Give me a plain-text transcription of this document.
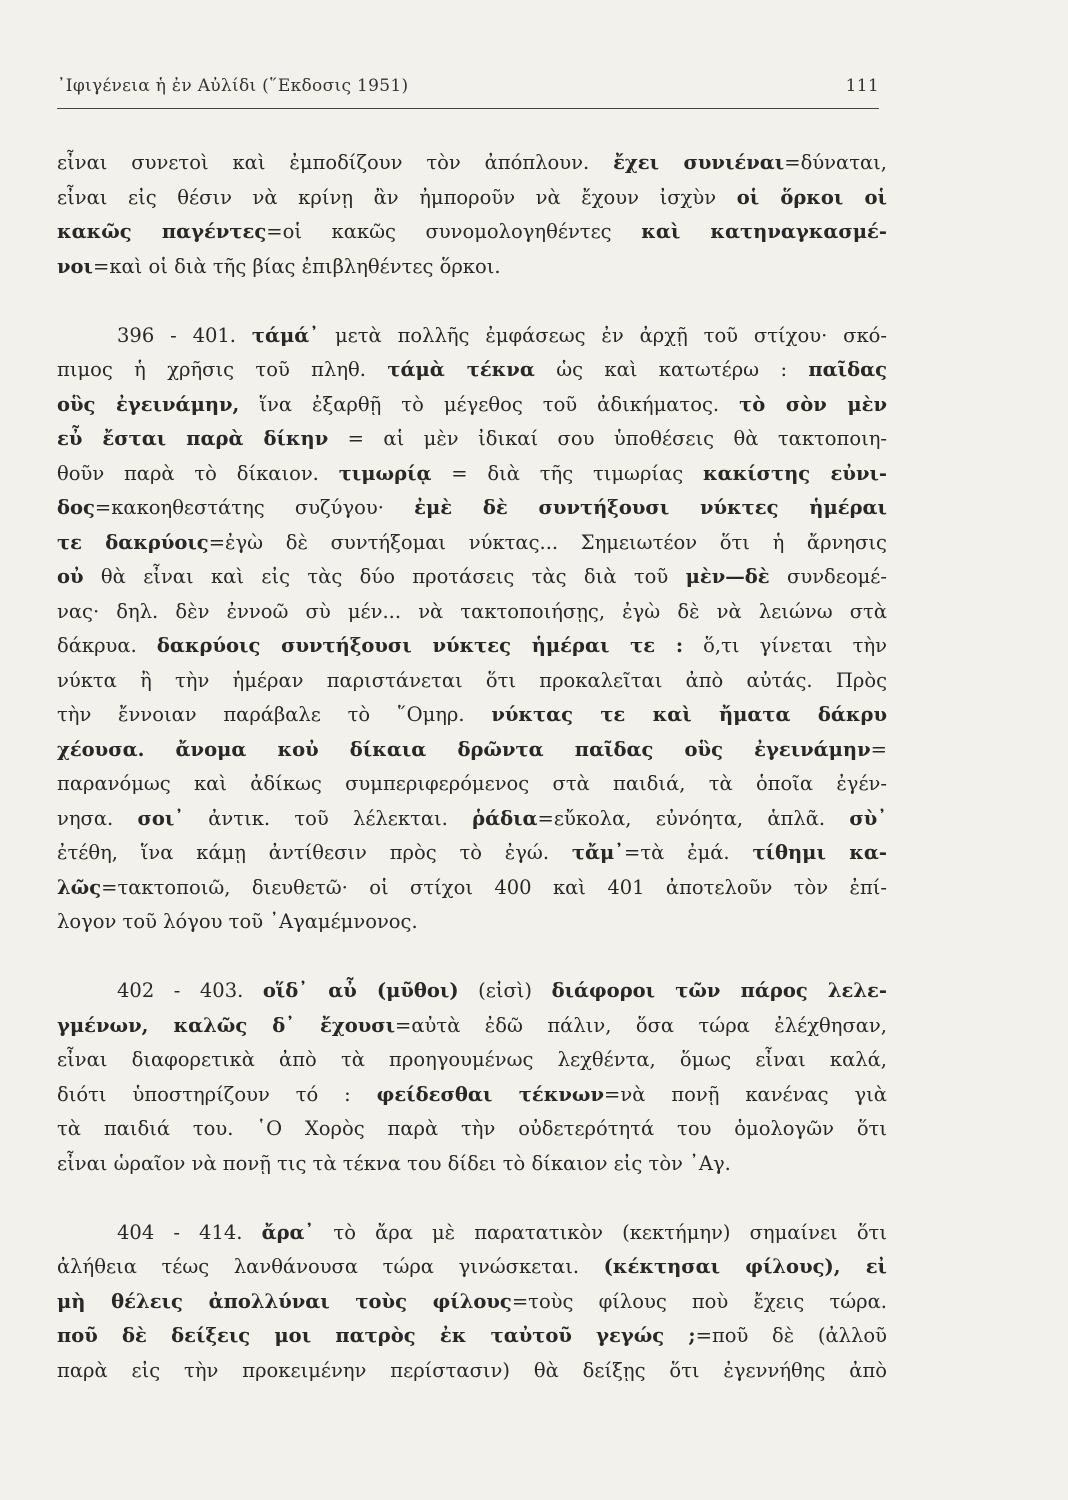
᾿Ιφιγένεια ἡ ἐν Αὐλίδι (῞Εκδοσις 1951)	111
εἶναι συνετοὶ καὶ ἐμποδίζουν τὸν ἀπόπλουν. ἔχει συνιέναι=δύναται,
εἶναι εἰς θέσιν νὰ κρίνῃ ἂν ἠμποροῦν νὰ ἔχουν ἰσχὺν οἱ ὅρκοι οἱ
κακῶς παγέντες=οἱ κακῶς συνομολογηθέντες καὶ κατηναγκασμέ-
νοι=καὶ οἱ διὰ τῆς βίας ἐπιβληθέντες ὅρκοι.
396 - 401. τάμά᾿ μετὰ πολλῆς ἐμφάσεως ἐν ἀρχῇ τοῦ στίχου· σκό-
πιμος ἡ χρῆσις τοῦ πληθ. τάμὰ τέκνα ὡς καὶ κατωτέρω : παῖδας
οὓς ἐγεινάμην, ἵνα ἐξαρθῇ τὸ μέγεθος τοῦ ἀδικήματος. τὸ σὸν μὲν
εὖ ἔσται παρὰ δίκην = αἱ μὲν ἰδικαί σου ὑποθέσεις θὰ τακτοποιη-
θοῦν παρὰ τὸ δίκαιον. τιμωρίᾳ = διὰ τῆς τιμωρίας κακίστης εὐνι-
δος=κακοηθεστάτης συζύγου· ἐμὲ δὲ συντήξουσι νύκτες ἡμέραι
τε δακρύοις=ἐγὼ δὲ συντήξομαι νύκτας... Σημειωτέον ὅτι ἡ ἄρνησις
οὐ θὰ εἶναι καὶ εἰς τὰς δύο προτάσεις τὰς διὰ τοῦ μὲν—δὲ συνδεομέ-
νας· δηλ. δὲν ἐννοῶ σὺ μέν... νὰ τακτοποιήσῃς, ἐγὼ δὲ νὰ λειώνω στὰ
δάκρυα. δακρύοις συντήξουσι νύκτες ἡμέραι τε : ὅ,τι γίνεται τὴν
νύκτα ἢ τὴν ἡμέραν παριστάνεται ὅτι προκαλεῖται ἀπὸ αὐτάς. Πρὸς
τὴν ἔννοιαν παράβαλε τὸ ῞Ομηρ. νύκτας τε καὶ ἤματα δάκρυ
χέουσα. ἄνομα κοὐ δίκαια δρῶντα παῖδας οὓς ἐγεινάμην=
παρανόμως καὶ ἀδίκως συμπεριφερόμενος στὰ παιδιά, τὰ ὁποῖα ἐγέν-
νησα. σοι᾿ ἀντικ. τοῦ λέλεκται. ῥάδια=εὔκολα, εὐνόητα, ἁπλᾶ. σὺ᾿
ἐτέθη, ἵνα κάμῃ ἀντίθεσιν πρὸς τὸ ἐγώ. τἄμ᾿=τὰ ἐμά. τίθημι κα-
λῶς=τακτοποιῶ, διευθετῶ· οἱ στίχοι 400 καὶ 401 ἀποτελοῦν τὸν ἐπί-
λογον τοῦ λόγου τοῦ ᾿Αγαμέμνονος.
402 - 403. οἵδ᾿ αὖ (μῦθοι) (εἰσὶ) διάφοροι τῶν πάρος λελε-
γμένων, καλῶς δ᾿ ἔχουσι=αὐτὰ ἐδῶ πάλιν, ὅσα τώρα ἐλέχθησαν,
εἶναι διαφορετικὰ ἀπὸ τὰ προηγουμένως λεχθέντα, ὅμως εἶναι καλά,
διότι ὑποστηρίζουν τό : φείδεσθαι τέκνων=νὰ πονῇ κανένας γιὰ
τὰ παιδιά του. ῾Ο Χορὸς παρὰ τὴν οὐδετερότητά του ὁμολογῶν ὅτι
εἶναι ὡραῖον νὰ πονῇ τις τὰ τέκνα του δίδει τὸ δίκαιον εἰς τὸν ᾿Αγ.
404 - 414. ἄρα᾿ τὸ ἄρα μὲ παρατατικὸν (κεκτήμην) σημαίνει ὅτι
ἀλήθεια τέως λανθάνουσα τώρα γινώσκεται. (κέκτησαι φίλους), εἰ
μὴ θέλεις ἀπολλύναι τοὺς φίλους=τοὺς φίλους ποὺ ἔχεις τώρα.
ποῦ δὲ δείξεις μοι πατρὸς ἐκ ταὐτοῦ γεγώς ;=ποῦ δὲ (ἀλλοῦ
παρὰ εἰς τὴν προκειμένην περίστασιν) θὰ δείξῃς ὅτι ἐγεννήθης ἀπὸ
